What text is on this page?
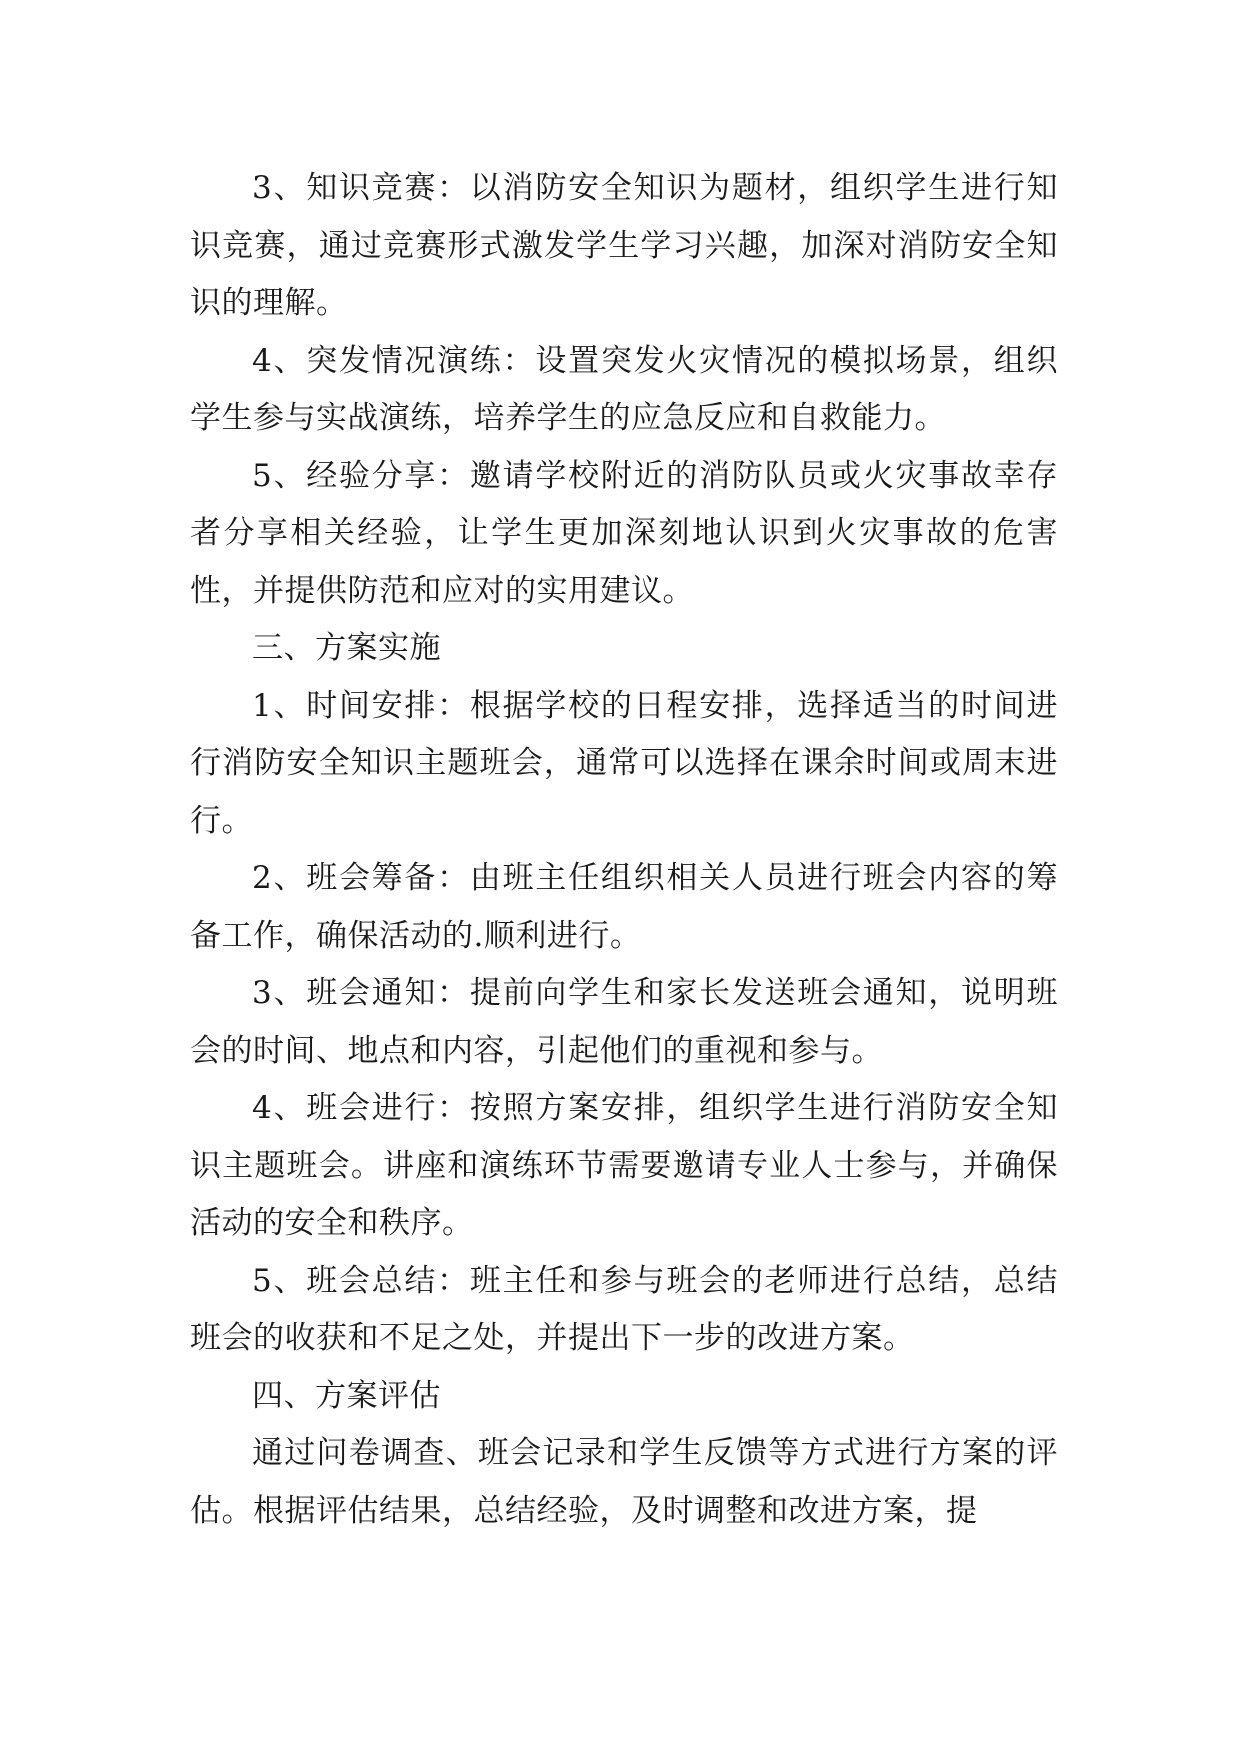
3、知识竞赛：以消防安全知识为题材，组织学生进行知识竞赛，通过竞赛形式激发学生学习兴趣，加深对消防安全知识的理解。

4、突发情况演练：设置突发火灾情况的模拟场景，组织学生参与实战演练，培养学生的应急反应和自救能力。

5、经验分享：邀请学校附近的消防队员或火灾事故幸存者分享相关经验，让学生更加深刻地认识到火灾事故的危害性，并提供防范和应对的实用建议。

三、方案实施

1、时间安排：根据学校的日程安排，选择适当的时间进行消防安全知识主题班会，通常可以选择在课余时间或周末进行。

2、班会筹备：由班主任组织相关人员进行班会内容的筹备工作，确保活动的.顺利进行。

3、班会通知：提前向学生和家长发送班会通知，说明班会的时间、地点和内容，引起他们的重视和参与。

4、班会进行：按照方案安排，组织学生进行消防安全知识主题班会。讲座和演练环节需要邀请专业人士参与，并确保活动的安全和秩序。

5、班会总结：班主任和参与班会的老师进行总结，总结班会的收获和不足之处，并提出下一步的改进方案。

四、方案评估

通过问卷调查、班会记录和学生反馈等方式进行方案的评估。根据评估结果，总结经验，及时调整和改进方案，提
